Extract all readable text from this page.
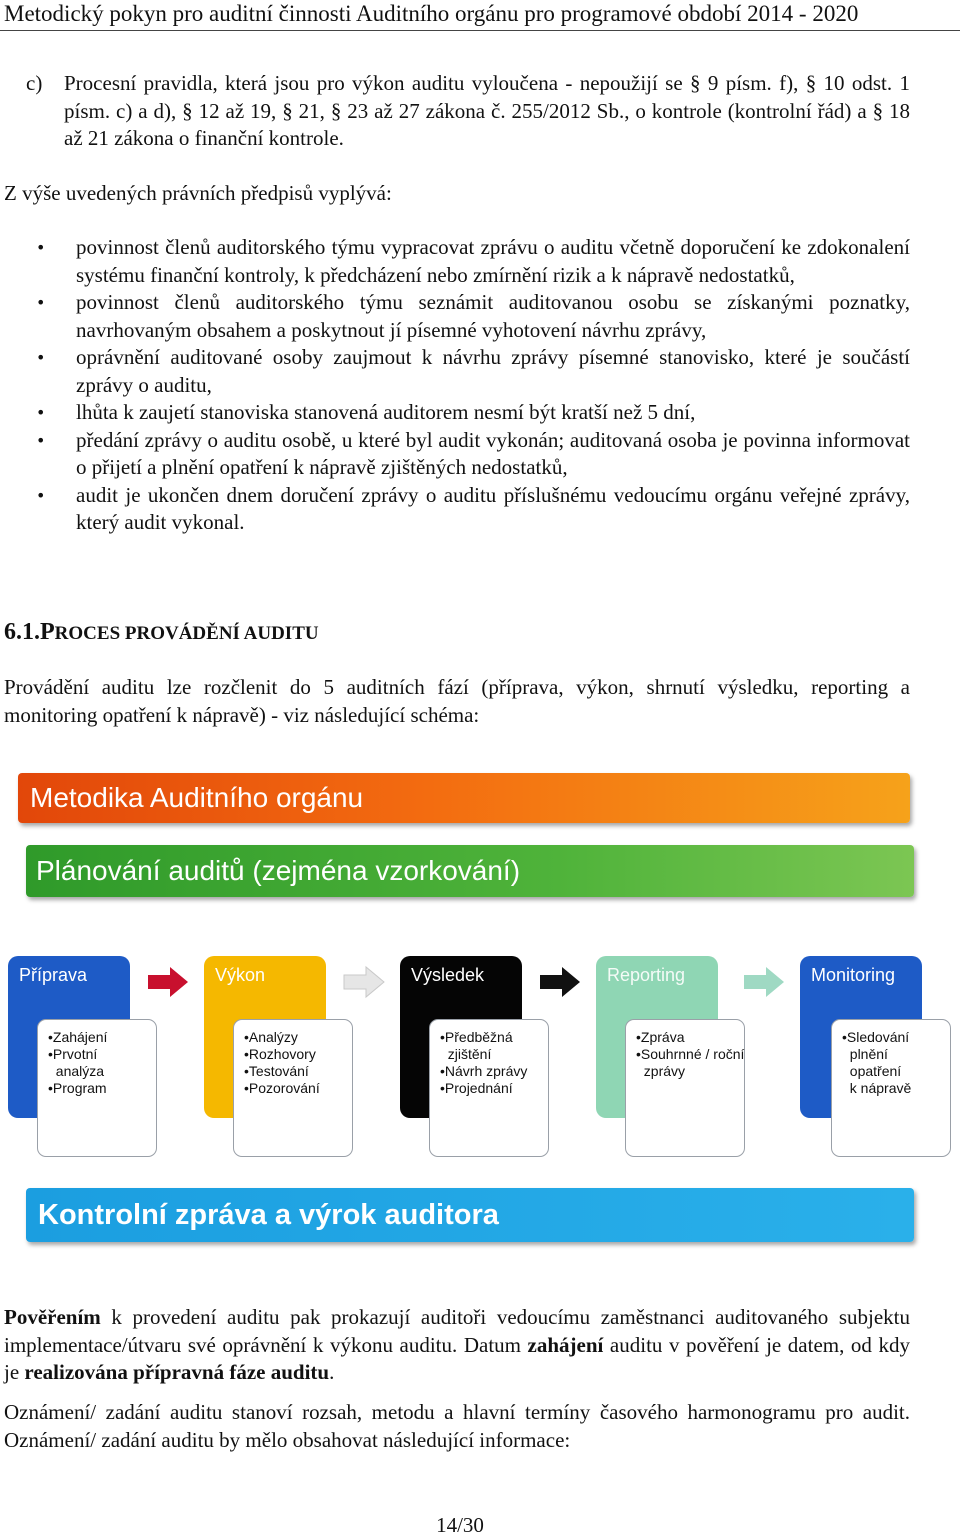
Metodický pokyn pro auditní činnosti Auditního orgánu pro programové období 2014 - 2020
c) Procesní pravidla, která jsou pro výkon auditu vyloučena - nepoužijí se § 9 písm. f), § 10 odst. 1 písm. c) a d), § 12 až 19, § 21, § 23 až 27 zákona č. 255/2012 Sb., o kontrole (kontrolní řád) a § 18 až 21 zákona o finanční kontrole.
Z výše uvedených právních předpisů vyplývá:
• povinnost členů auditorského týmu vypracovat zprávu o auditu včetně doporučení ke zdokonalení systému finanční kontroly, k předcházení nebo zmírnění rizik a k nápravě nedostatků,
• povinnost členů auditorského týmu seznámit auditovanou osobu se získanými poznatky, navrhovaným obsahem a poskytnout jí písemné vyhotovení návrhu zprávy,
• oprávnění auditované osoby zaujmout k návrhu zprávy písemné stanovisko, které je součástí zprávy o auditu,
• lhůta k zaujetí stanoviska stanovená auditorem nesmí být kratší než 5 dní,
• předání zprávy o auditu osobě, u které byl audit vykonán; auditovaná osoba je povinna informovat o přijetí a plnění opatření k nápravě zjištěných nedostatků,
• audit je ukončen dnem doručení zprávy o auditu příslušnému vedoucímu orgánu veřejné zprávy, který audit vykonal.
6.1.PROCES PROVÁDĚNÍ AUDITU
Provádění auditu lze rozčlenit do 5 auditních fází (příprava, výkon, shrnutí výsledku, reporting a monitoring opatření k nápravě) - viz následující schéma:
Metodika Auditního orgánu
Plánování auditů (zejména vzorkování)
Příprava
•Zahájení
•Prvotní
analýza
•Program
Výkon
•Analýzy
•Rozhovory
•Testování
•Pozorování
Výsledek
•Předběžná
zjištění
•Návrh zprávy
•Projednání
Reporting
•Zpráva
•Souhrnné / roční
zprávy
Monitoring
•Sledování
plnění
opatření
k nápravě
Kontrolní zpráva a výrok auditora
Pověřením k provedení auditu pak prokazují auditoři vedoucímu zaměstnanci auditovaného subjektu implementace/útvaru své oprávnění k výkonu auditu. Datum zahájení auditu v pověření je datem, od kdy je realizována přípravná fáze auditu.
Oznámení/ zadání auditu stanoví rozsah, metodu a hlavní termíny časového harmonogramu pro audit. Oznámení/ zadání auditu by mělo obsahovat následující informace:
14/30
